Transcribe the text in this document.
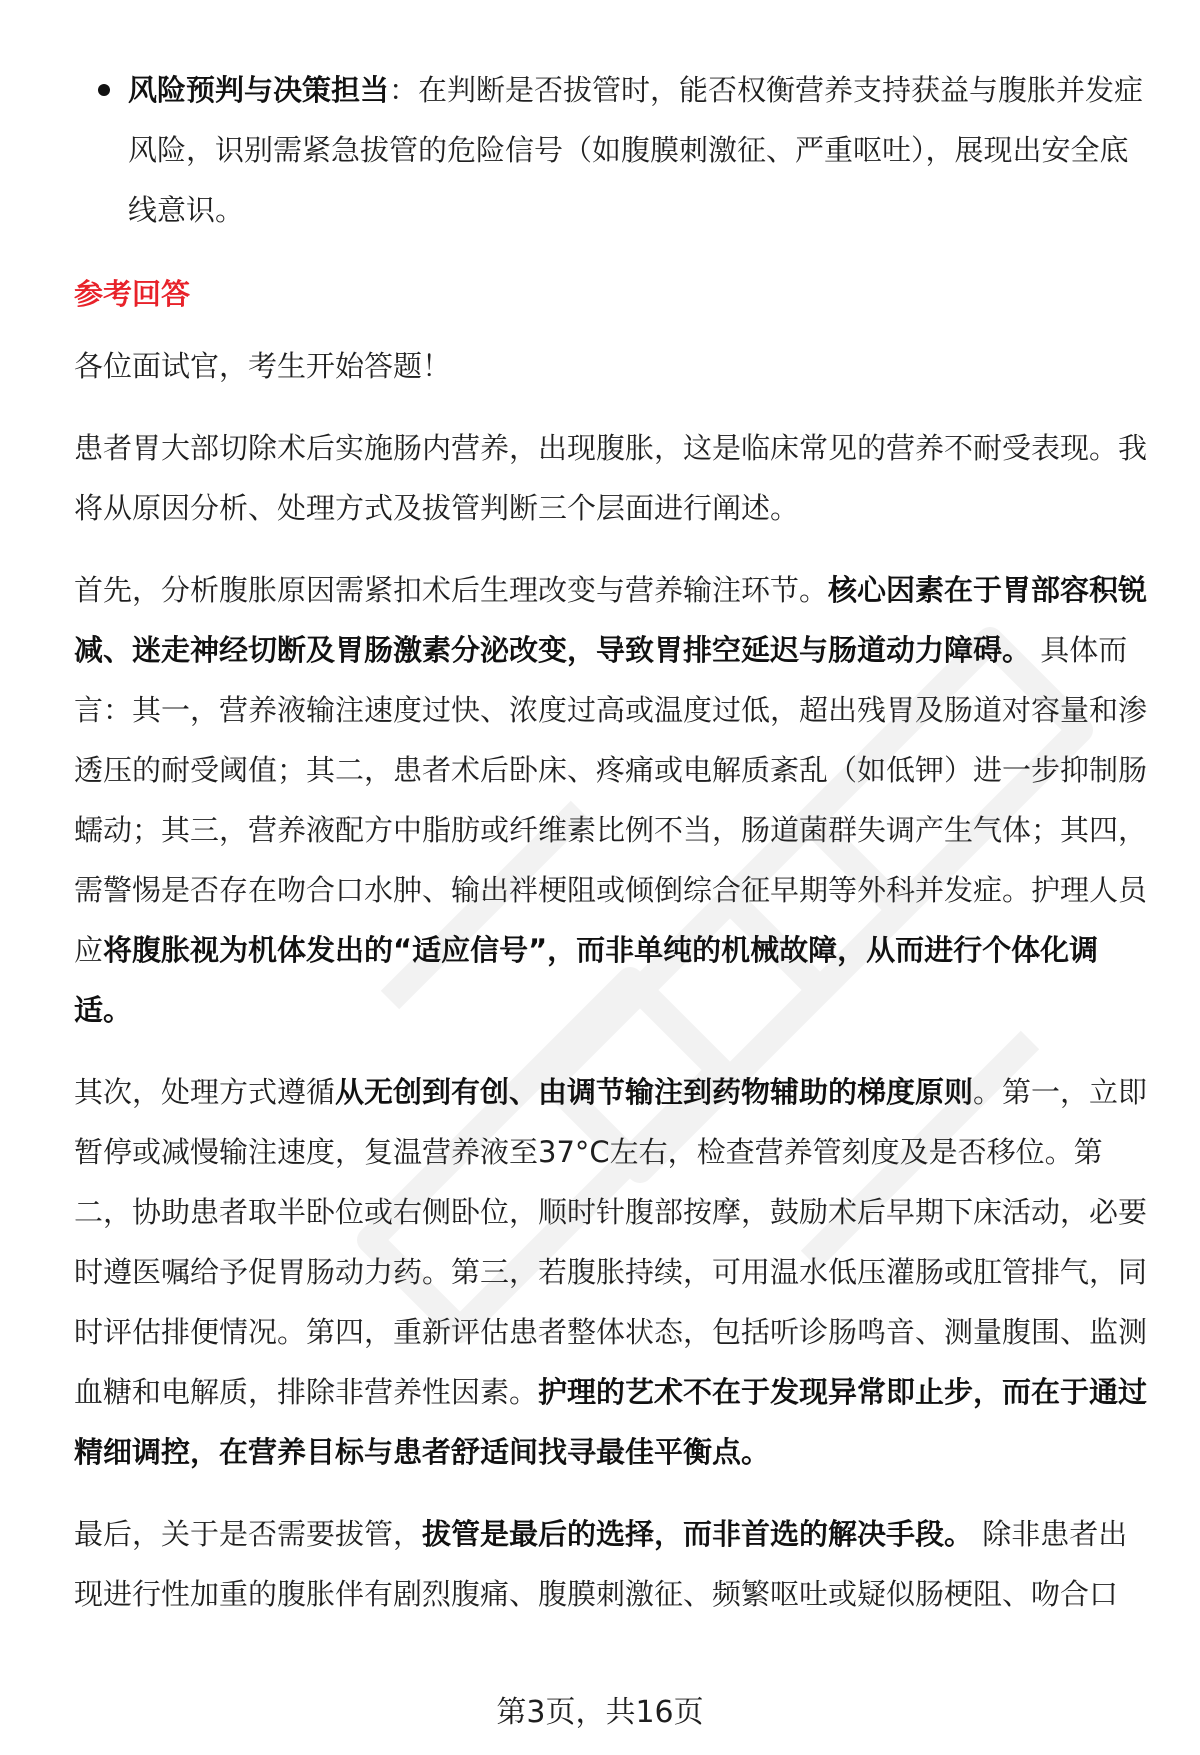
风险预判与决策担当：在判断是否拔管时，能否权衡营养支持获益与腹胀并发症风险，识别需紧急拔管的危险信号（如腹膜刺激征、严重呕吐），展现出安全底线意识。
参考回答

各位面试官，考生开始答题！

患者胃大部切除术后实施肠内营养，出现腹胀，这是临床常见的营养不耐受表现。我将从原因分析、处理方式及拔管判断三个层面进行阐述。

首先，分析腹胀原因需紧扣术后生理改变与营养输注环节。核心因素在于胃部容积锐减、迷走神经切断及胃肠激素分泌改变，导致胃排空延迟与肠道动力障碍。 具体而言：其一，营养液输注速度过快、浓度过高或温度过低，超出残胃及肠道对容量和渗透压的耐受阈值；其二，患者术后卧床、疼痛或电解质紊乱（如低钾）进一步抑制肠蠕动；其三，营养液配方中脂肪或纤维素比例不当，肠道菌群失调产生气体；其四，需警惕是否存在吻合口水肿、输出袢梗阻或倾倒综合征早期等外科并发症。护理人员应将腹胀视为机体发出的“适应信号”，而非单纯的机械故障，从而进行个体化调适。

其次，处理方式遵循从无创到有创、由调节输注到药物辅助的梯度原则。第一，立即暂停或减慢输注速度，复温营养液至37°C左右，检查营养管刻度及是否移位。第二，协助患者取半卧位或右侧卧位，顺时针腹部按摩，鼓励术后早期下床活动，必要时遵医嘱给予促胃肠动力药。第三，若腹胀持续，可用温水低压灌肠或肛管排气，同时评估排便情况。第四，重新评估患者整体状态，包括听诊肠鸣音、测量腹围、监测血糖和电解质，排除非营养性因素。护理的艺术不在于发现异常即止步，而在于通过精细调控，在营养目标与患者舒适间找寻最佳平衡点。

最后，关于是否需要拔管，拔管是最后的选择，而非首选的解决手段。 除非患者出现进行性加重的腹胀伴有剧烈腹痛、腹膜刺激征、频繁呕吐或疑似肠梗阻、吻合口

第3页，共16页
